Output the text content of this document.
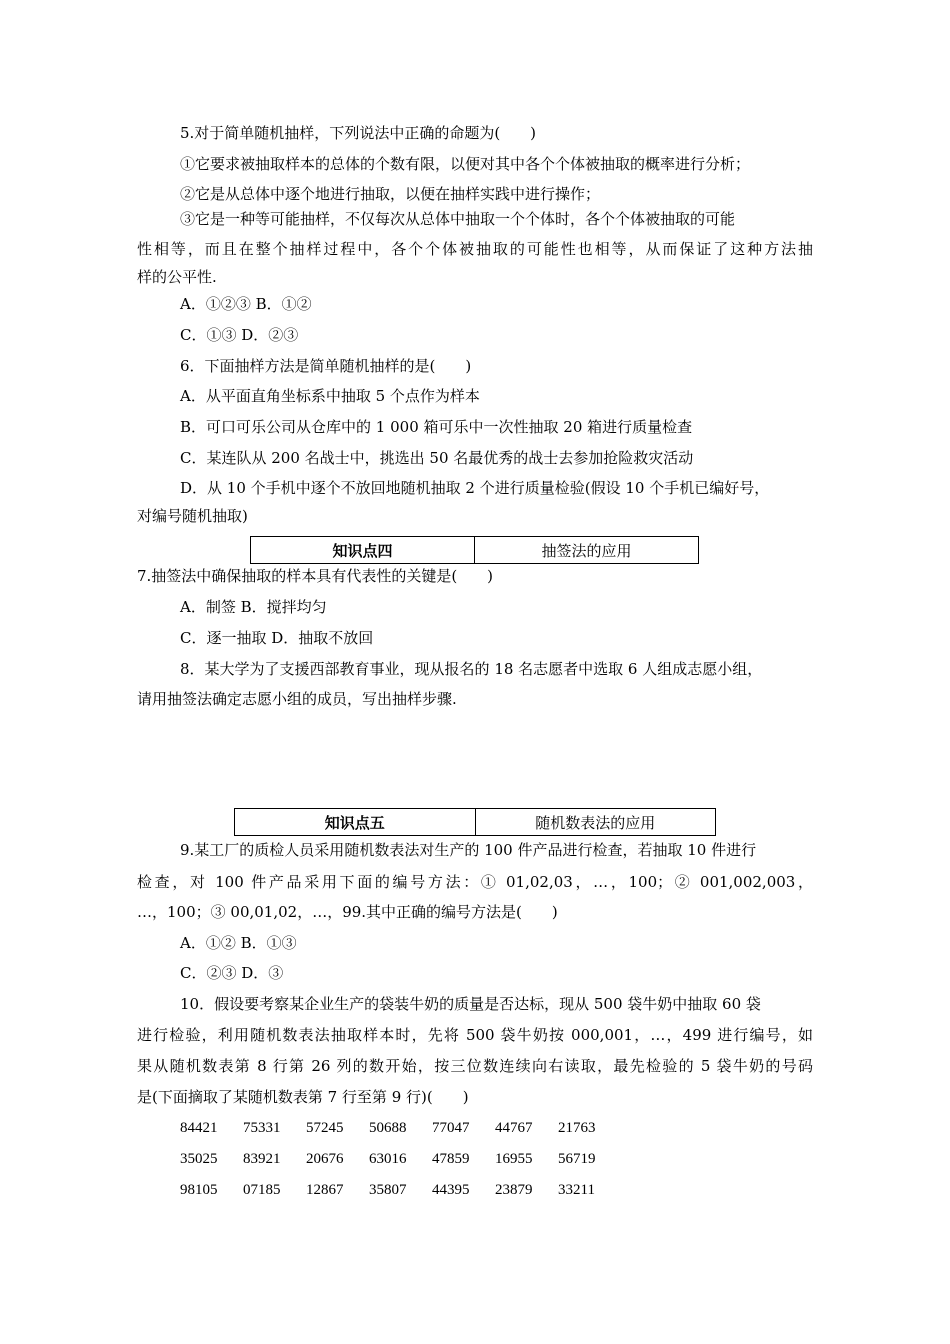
5.对于简单随机抽样，下列说法中正确的命题为(　　)
①它要求被抽取样本的总体的个数有限，以便对其中各个个体被抽取的概率进行分析；
②它是从总体中逐个地进行抽取，以便在抽样实践中进行操作；
③它是一种等可能抽样，不仅每次从总体中抽取一个个体时，各个个体被抽取的可能
性相等，而且在整个抽样过程中，各个个体被抽取的可能性也相等，从而保证了这种方法抽
样的公平性.
A．①②③ B．①②
C．①③ D．②③
6．下面抽样方法是简单随机抽样的是(　　)
A．从平面直角坐标系中抽取 5 个点作为样本
B．可口可乐公司从仓库中的 1 000 箱可乐中一次性抽取 20 箱进行质量检查
C．某连队从 200 名战士中，挑选出 50 名最优秀的战士去参加抢险救灾活动
D．从 10 个手机中逐个不放回地随机抽取 2 个进行质量检验(假设 10 个手机已编好号，
对编号随机抽取)
知识点四	抽签法的应用
7.抽签法中确保抽取的样本具有代表性的关键是(　　)
A．制签 B．搅拌均匀
C．逐一抽取 D．抽取不放回
8．某大学为了支援西部教育事业，现从报名的 18 名志愿者中选取 6 人组成志愿小组，
请用抽签法确定志愿小组的成员，写出抽样步骤.
知识点五	随机数表法的应用
9.某工厂的质检人员采用随机数表法对生产的 100 件产品进行检查，若抽取 10 件进行
检查，对 100 件产品采用下面的编号方法：① 01,02,03，…，100；② 001,002,003，
…，100；③ 00,01,02，…，99.其中正确的编号方法是(　　)
A．①② B．①③
C．②③ D．③
10．假设要考察某企业生产的袋装牛奶的质量是否达标，现从 500 袋牛奶中抽取 60 袋
进行检验，利用随机数表法抽取样本时，先将 500 袋牛奶按 000,001，…，499 进行编号，如
果从随机数表第 8 行第 26 列的数开始，按三位数连续向右读取，最先检验的 5 袋牛奶的号码
是(下面摘取了某随机数表第 7 行至第 9 行)(　　)
84421	75331	57245	50688	77047	44767	21763
35025	83921	20676	63016	47859	16955	56719
98105	07185	12867	35807	44395	23879	33211
